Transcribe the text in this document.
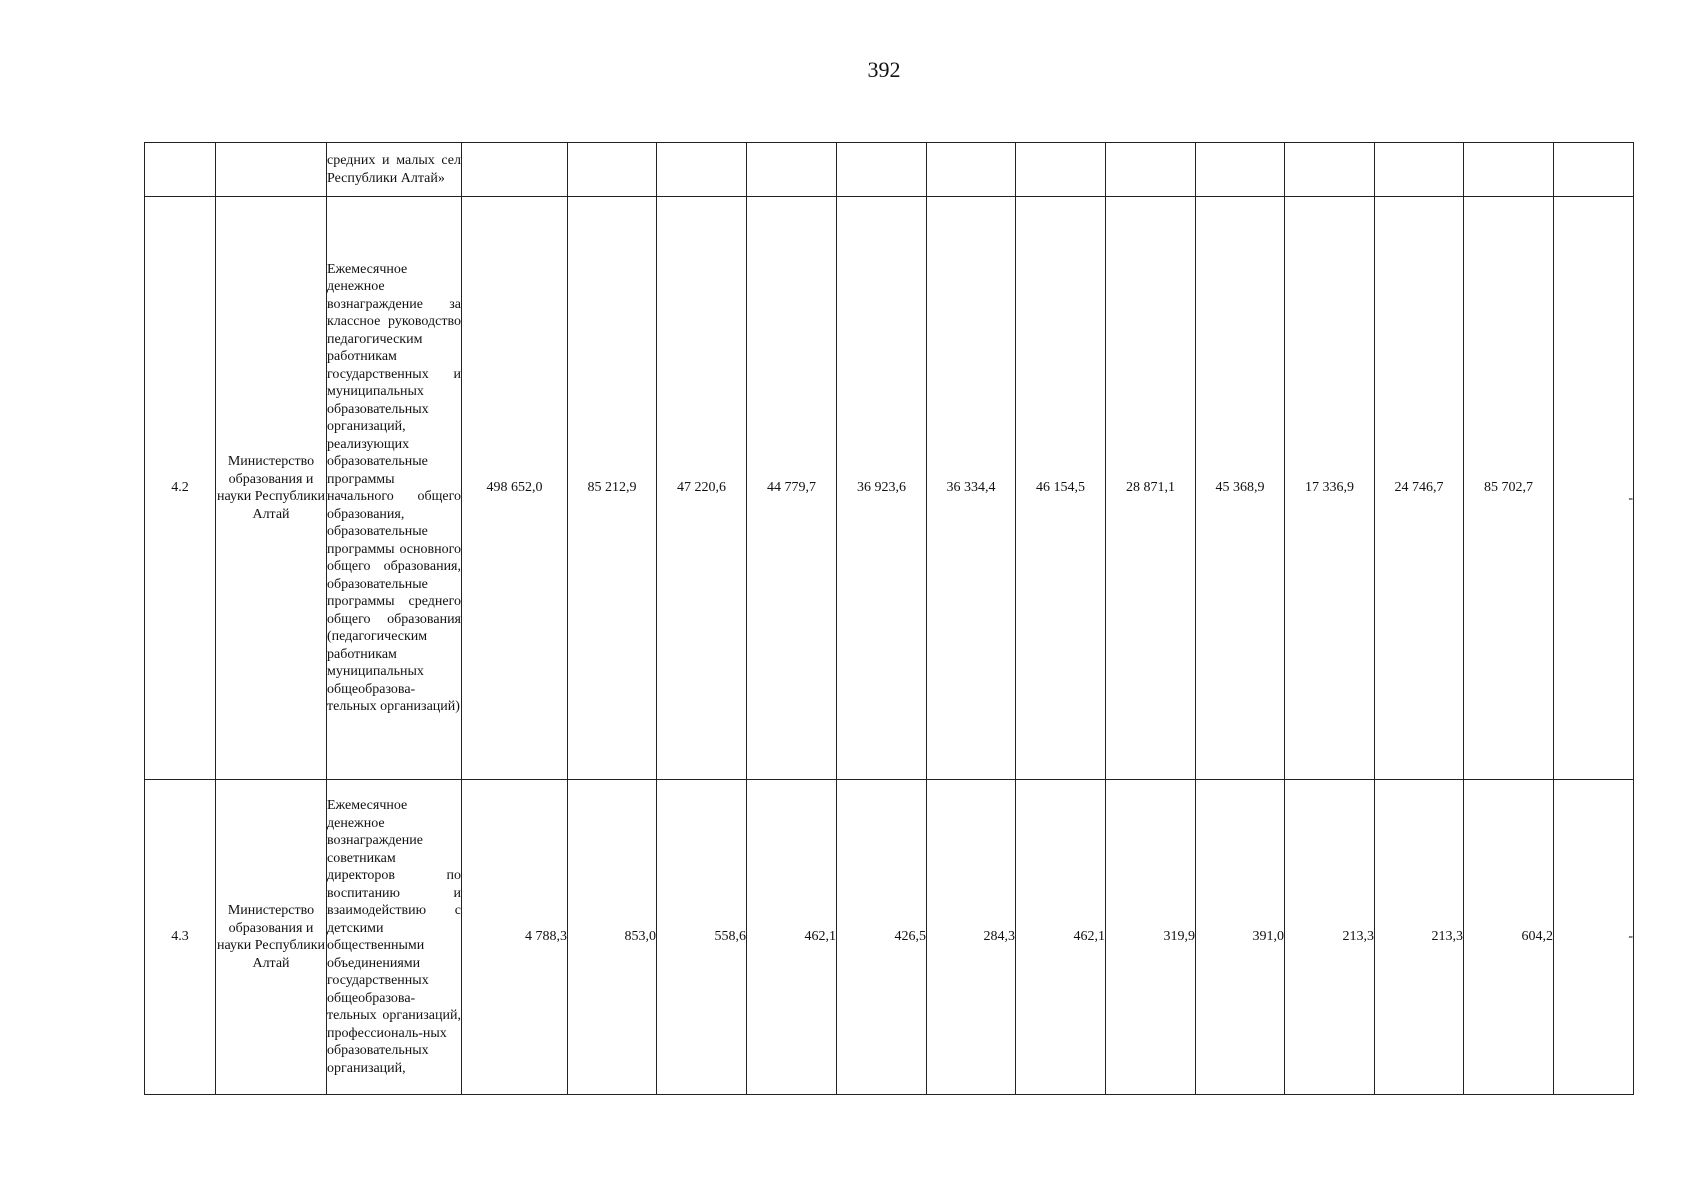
392

		средних и малых сел Республики Алтай»													

4.2	Министерство образования и науки Республики Алтай	Ежемесячное денежное вознаграждение за классное руководство педагогическим работникам государственных и муниципальных образовательных организаций, реализующих образовательные программы начального общего образования, образовательные программы основного общего образования, образовательные программы среднего общего образования (педагогическим работникам муниципальных общеобразова-тельных организаций)	498 652,0	85 212,9	47 220,6	44 779,7	36 923,6	36 334,4	46 154,5	28 871,1	45 368,9	17 336,9	24 746,7	85 702,7	-
4.3	Министерство образования и науки Республики Алтай	Ежемесячное денежное вознаграждение советникам директоров по воспитанию и взаимодействию с детскими общественными объединениями государственных общеобразова-тельных организаций, профессиональ-ных образовательных организаций,	4 788,3	853,0	558,6	462,1	426,5	284,3	462,1	319,9	391,0	213,3	213,3	604,2	-
